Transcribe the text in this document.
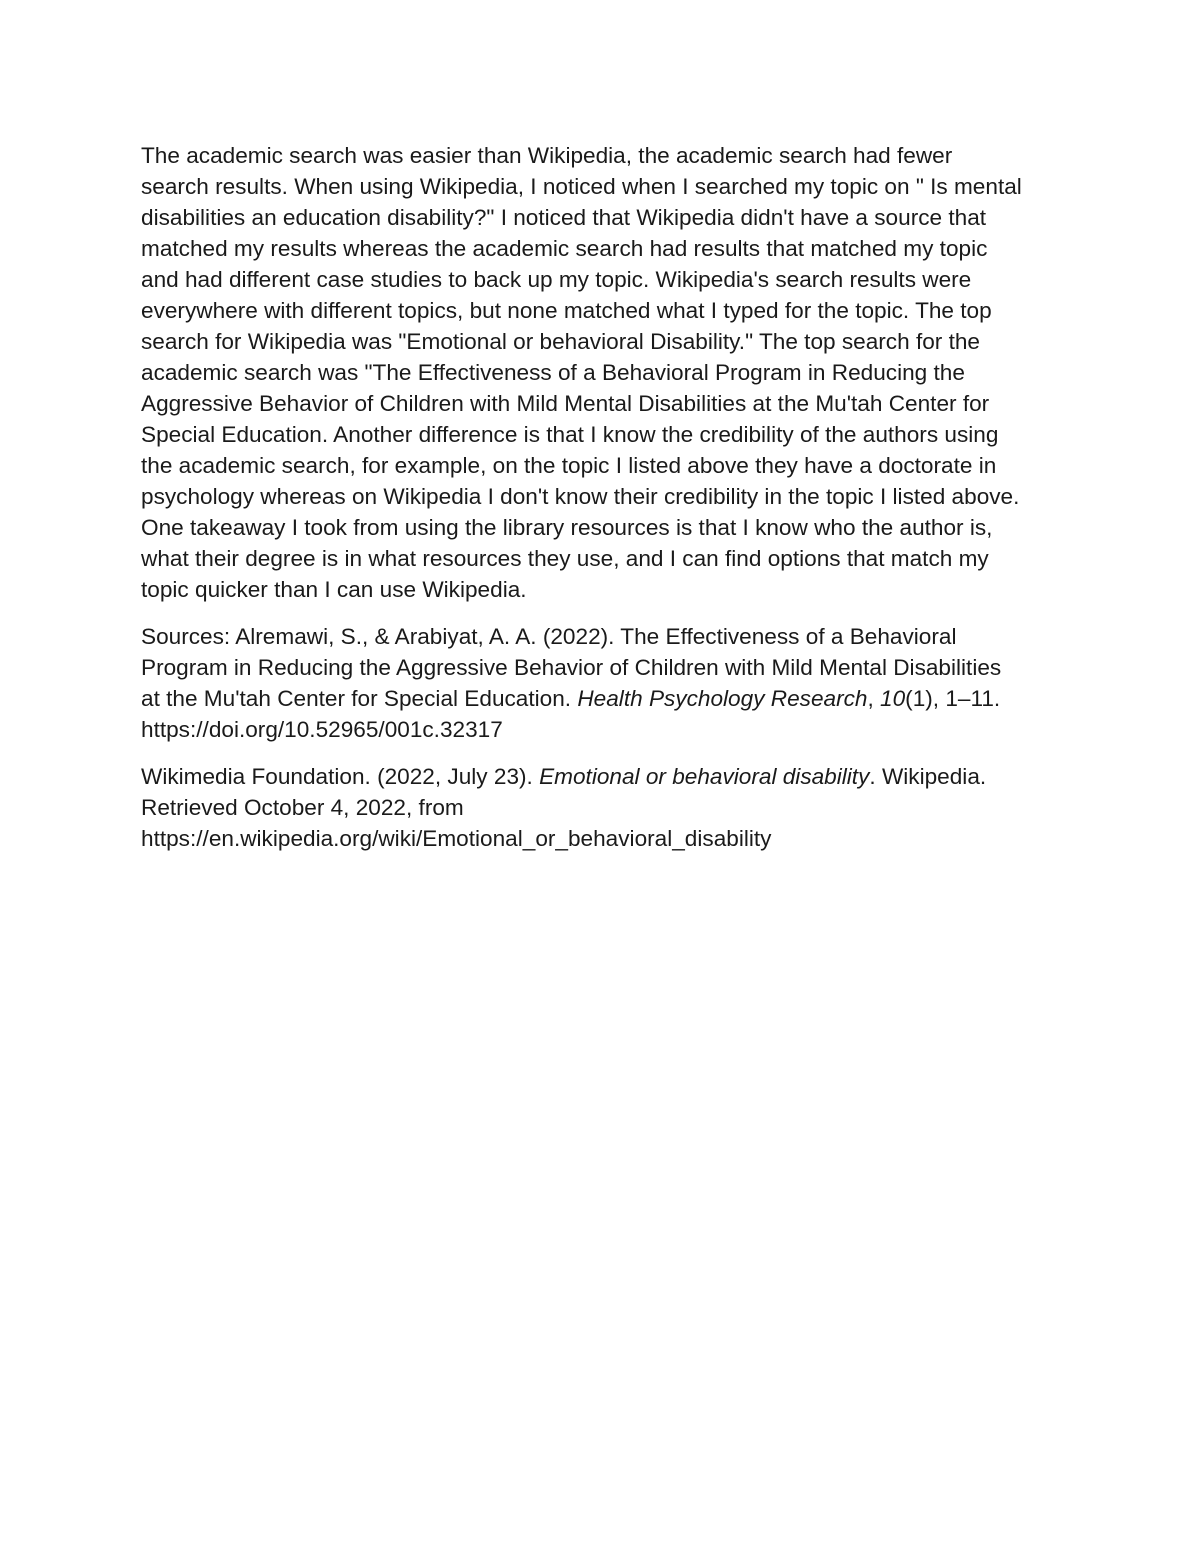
The academic search was easier than Wikipedia, the academic search had fewer
search results. When using Wikipedia, I noticed when I searched my topic on " Is mental
disabilities an education disability?" I noticed that Wikipedia didn't have a source that
matched my results whereas the academic search had results that matched my topic
and had different case studies to back up my topic. Wikipedia's search results were
everywhere with different topics, but none matched what I typed for the topic. The top
search for Wikipedia was "Emotional or behavioral Disability." The top search for the
academic search was "The Effectiveness of a Behavioral Program in Reducing the
Aggressive Behavior of Children with Mild Mental Disabilities at the Mu'tah Center for
Special Education. Another difference is that I know the credibility of the authors using
the academic search, for example, on the topic I listed above they have a doctorate in
psychology whereas on Wikipedia I don't know their credibility in the topic I listed above.
One takeaway I took from using the library resources is that I know who the author is,
what their degree is in what resources they use, and I can find options that match my
topic quicker than I can use Wikipedia.
Sources: Alremawi, S., & Arabiyat, A. A. (2022). The Effectiveness of a Behavioral
Program in Reducing the Aggressive Behavior of Children with Mild Mental Disabilities
at the Mu'tah Center for Special Education. Health Psychology Research, 10(1), 1–11.
https://doi.org/10.52965/001c.32317
Wikimedia Foundation. (2022, July 23). Emotional or behavioral disability. Wikipedia.
Retrieved October 4, 2022, from
https://en.wikipedia.org/wiki/Emotional_or_behavioral_disability
